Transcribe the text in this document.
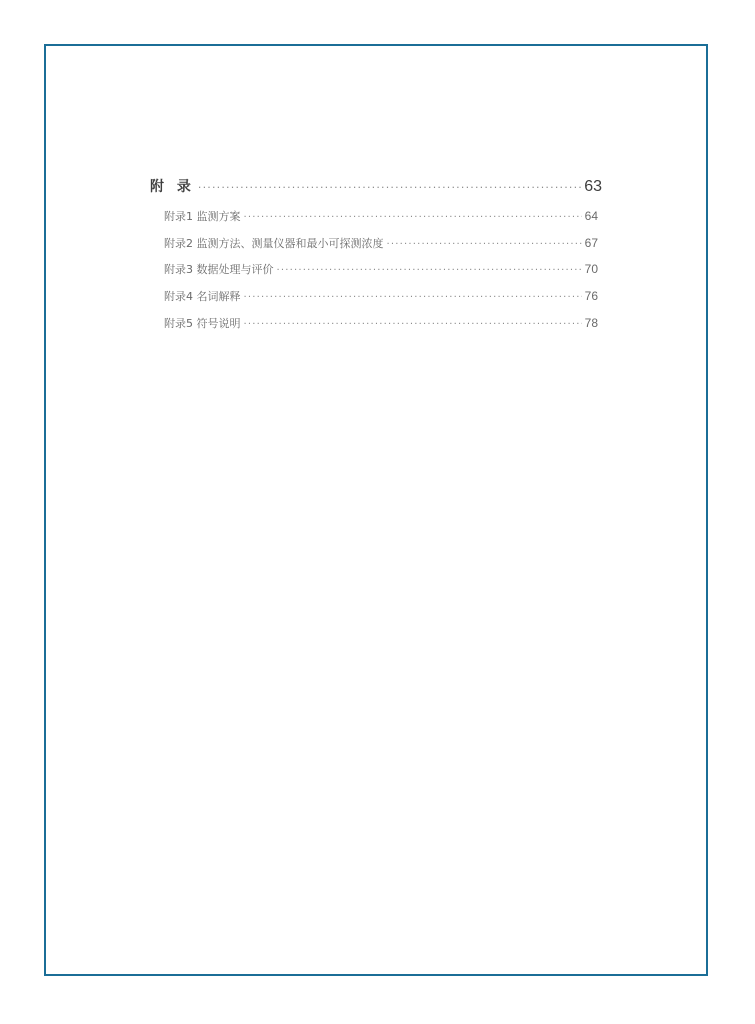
附 录 ·····	63
附录1 监测方案 ·····	64
附录2 监测方法、测量仪器和最小可探测浓度 ·····	67
附录3 数据处理与评价 ·····	70
附录4 名词解释 ·····	76
附录5 符号说明 ·····	78
